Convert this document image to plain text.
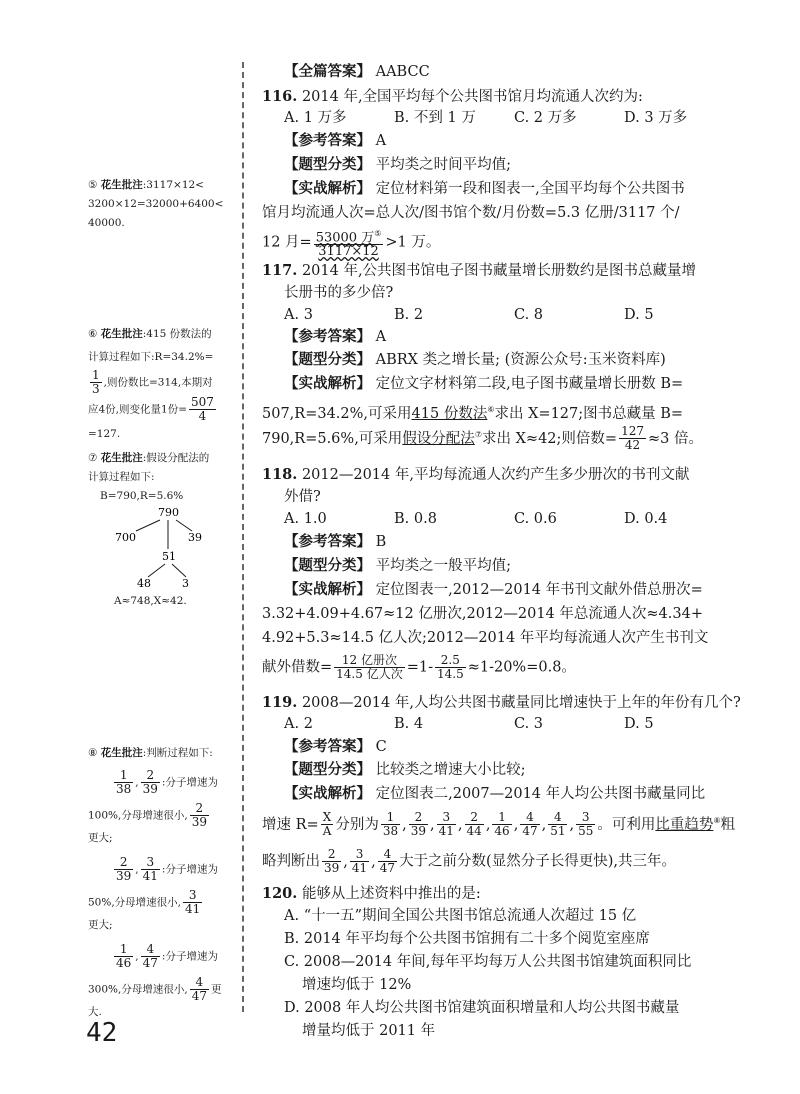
⑤ 花生批注:3117×12<
3200×12=32000+6400<
40000.
⑥ 花生批注:415 份数法的
计算过程如下:R=34.2%=
$\frac{1}{3}$ ,则份数比=314,本期对
应4份,则变化量1份= $\frac{507}{4}$
=127.
⑦ 花生批注:假设分配法的
计算过程如下:
B=790,R=5.6%
790
700	39
51
48	3
A≈748,X≈42.
⑧ 花生批注:判断过程如下:
$\frac{1}{38}$ , $\frac{2}{39}$ :分子增速为
100%,分母增速很小, $\frac{2}{39}$
更大;
$\frac{2}{39}$ , $\frac{3}{41}$ :分子增速为
50%,分母增速很小, $\frac{3}{41}$
更大;
$\frac{1}{46}$ , $\frac{4}{47}$ :分子增速为
300%,分母增速很小, $\frac{4}{47}$ 更
大.
【全篇答案】 AABCC
116. 2014 年,全国平均每个公共图书馆月均流通人次约为:
A. 1 万多	B. 不到 1 万	C. 2 万多	D. 3 万多
【参考答案】 A
【题型分类】 平均类之时间平均值;
【实战解析】 定位材料第一段和图表一,全国平均每个公共图书
馆月均流通人次=总人次/图书馆个数/月份数=5.3 亿册/3117 个/
12 月= $\frac{53000 万^⑤}{3117\times 12} >1$ 万。
117. 2014 年,公共图书馆电子图书藏量增长册数约是图书总藏量增
长册书的多少倍?
A. 3	B. 2	C. 8	D. 5
【参考答案】 A
【题型分类】 ABRX 类之增长量; (资源公众号:玉米资料库)
【实战解析】 定位文字材料第二段,电子图书藏量增长册数 B=
507,R=34.2%,可采用415 份数法⑥求出 X=127;图书总藏量 B=
790,R=5.6%,可采用假设分配法⑦求出 X≈42;则倍数= $\frac{127}{42} \approx 3$ 倍。
118. 2012—2014 年,平均每流通人次约产生多少册次的书刊文献
外借?
A. 1.0	B. 0.8	C. 0.6	D. 0.4
【参考答案】 B
【题型分类】 平均类之一般平均值;
【实战解析】 定位图表一,2012—2014 年书刊文献外借总册次=
3.32+4.09+4.67≈12 亿册次,2012—2014 年总流通人次≈4.34+
4.92+5.3≈14.5 亿人次;2012—2014 年平均每流通人次产生书刊文
献外借数= $\frac{\text{12 亿册次}}{\text{14.5 亿人次}} =1- \frac{2.5}{14.5} \approx 1-20\%=0.8$。
119. 2008—2014 年,人均公共图书藏量同比增速快于上年的年份有几个?
A. 2	B. 4	C. 3	D. 5
【参考答案】 C
【题型分类】 比较类之增速大小比较;
【实战解析】 定位图表二,2007—2014 年人均公共图书藏量同比
增速 $R= \frac{X}{A}$ 分别为 $\frac{1}{38}$ , $\frac{2}{39}$ , $\frac{3}{41}$ , $\frac{2}{44}$ , $\frac{1}{46}$ , $\frac{4}{47}$ , $\frac{4}{51}$ , $\frac{3}{55}$ 。可利用比重趋势⑧粗
略判断出 $\frac{2}{39}$ , $\frac{3}{41}$ , $\frac{4}{47}$ 大于之前分数(显然分子长得更快),共三年。
120. 能够从上述资料中推出的是:
A. “十一五”期间全国公共图书馆总流通人次超过 15 亿
B. 2014 年平均每个公共图书馆拥有二十多个阅览室座席
C. 2008—2014 年间,每年平均每万人公共图书馆建筑面积同比
增速均低于 12%
D. 2008 年人均公共图书馆建筑面积增量和人均公共图书藏量
增量均低于 2011 年
42
